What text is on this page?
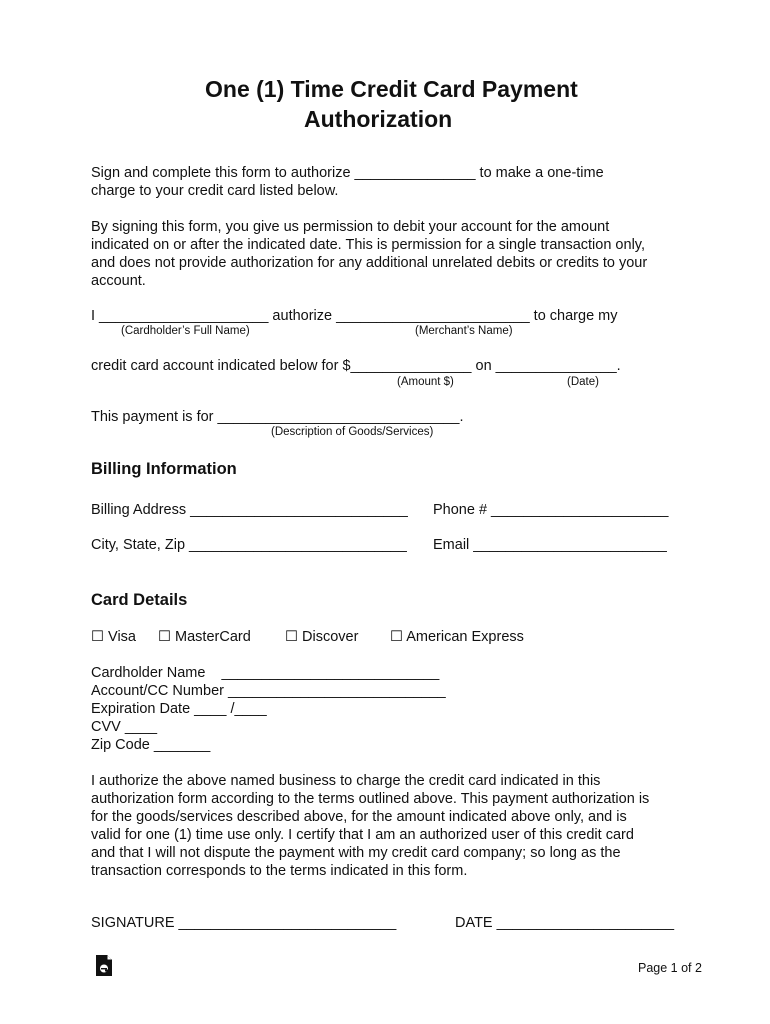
One (1) Time Credit Card Payment
Authorization
Sign and complete this form to authorize _______________ to make a one-time
charge to your credit card listed below.
By signing this form, you give us permission to debit your account for the amount
indicated on or after the indicated date. This is permission for a single transaction only,
and does not provide authorization for any additional unrelated debits or credits to your
account.
I _____________________ authorize ________________________ to charge my
(Cardholder’s Full Name)	(Merchant’s Name)
credit card account indicated below for $_______________ on _______________.
(Amount $)	(Date)
This payment is for ______________________________.
(Description of Goods/Services)
Billing Information
Billing Address ___________________________ Phone # ______________________
City, State, Zip ___________________________ Email ________________________
Card Details
☐ Visa ☐ MasterCard ☐ Discover ☐ American Express
Cardholder Name    ___________________________
Account/CC Number ___________________________
Expiration Date ____ /____
CVV ____
Zip Code _______
I authorize the above named business to charge the credit card indicated in this
authorization form according to the terms outlined above. This payment authorization is
for the goods/services described above, for the amount indicated above only, and is
valid for one (1) time use only. I certify that I am an authorized user of this credit card
and that I will not dispute the payment with my credit card company; so long as the
transaction corresponds to the terms indicated in this form.
SIGNATURE ___________________________	DATE ______________________
Page 1 of 2
